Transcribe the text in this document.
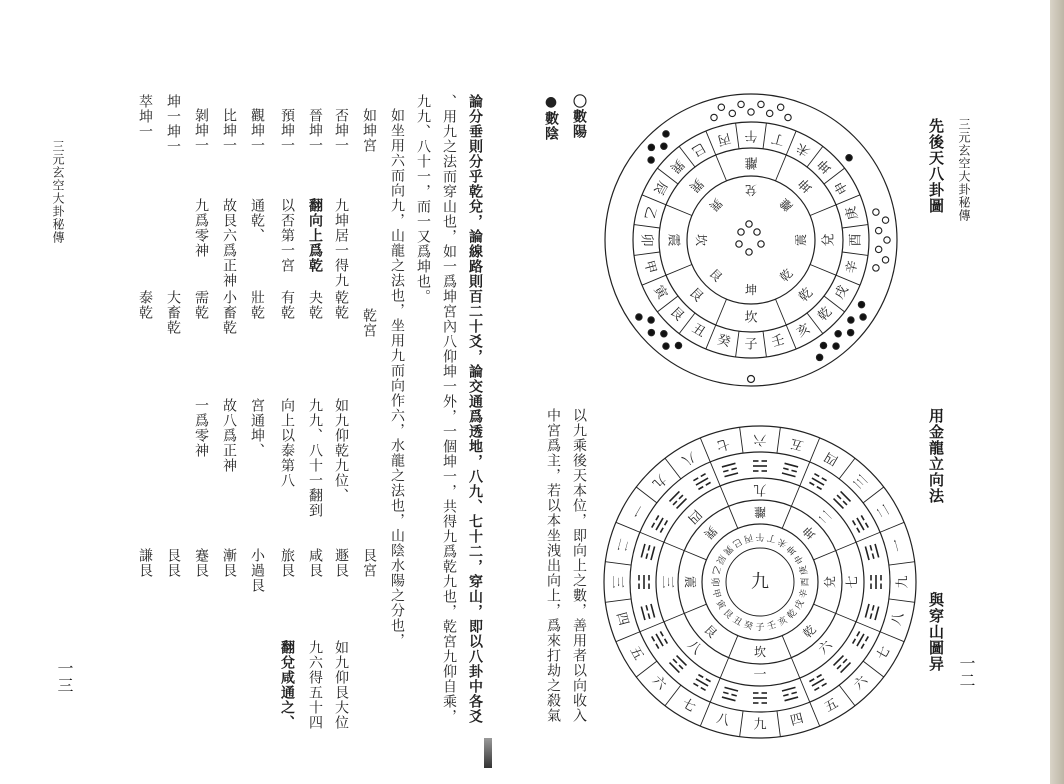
三元玄空大卦秘傳
先後天八卦圖
一二
子
癸
丑
艮
寅
甲
卯
乙
辰
巽
巳
丙 午 丁
未
坤
申
庚
酉
辛
戌
乾
亥
壬
坎
艮
震
巽
離
坤
兌
乾
坤
艮
坎
巽
兌
離
震
乾
〇數陽
●數陰
用金龍立向法
與穿山圖异
九
八
七
六
五
四
三
二
一
九
八
七 六 五
四
三
二
一
九
八
七
六
五
四
一
八
三
四
九
二
七
六
坎
艮
震
巽
離
坤
兌
乾
子
癸
丑
艮
寅
甲
卯
乙
辰
巽
巳 丙 午 丁 未
坤
申
庚
酉
辛
戌
乾
亥
壬
九
以九乘後天本位，即向上之數，善用者以向收入
中宮爲主，若以本坐洩出向上，爲來打劫之殺氣
論分垂則分乎乾兌，論線路則百二十爻，論交通爲透地，八九、七十二，穿山，即以八卦中各爻
、用九之法而穿山也，如一爲坤宮內八仰坤一外，一個坤一，共得九爲乾九也，乾宮九仰自乘，
九九、八十一，而一又爲坤也。
如坐用六而向九，山龍之法也，坐用九而向作六，水龍之法也，山陰水陽之分也，
如坤宮
乾宮
艮宮
否坤一
九坤居一得九
晉坤一
翻向上爲乾
預坤一
以否第一宮
觀坤一
通乾、
比坤一
故艮六爲正神
剝坤一
九爲零神
坤一坤一
萃坤一
乾乾
如九仰乾九位、
夬乾
九九、八十一翻到
有乾
向上以泰第八
壯乾
宮通坤、
小畜乾
故八爲正神
需乾
一爲零神
大畜乾
泰乾
遯艮
如九仰艮大位
咸艮
九六得五十四
旅艮
翻兌咸通之、
小過艮
漸艮
蹇艮
艮艮
謙艮
三元玄空大卦秘傳
一三
